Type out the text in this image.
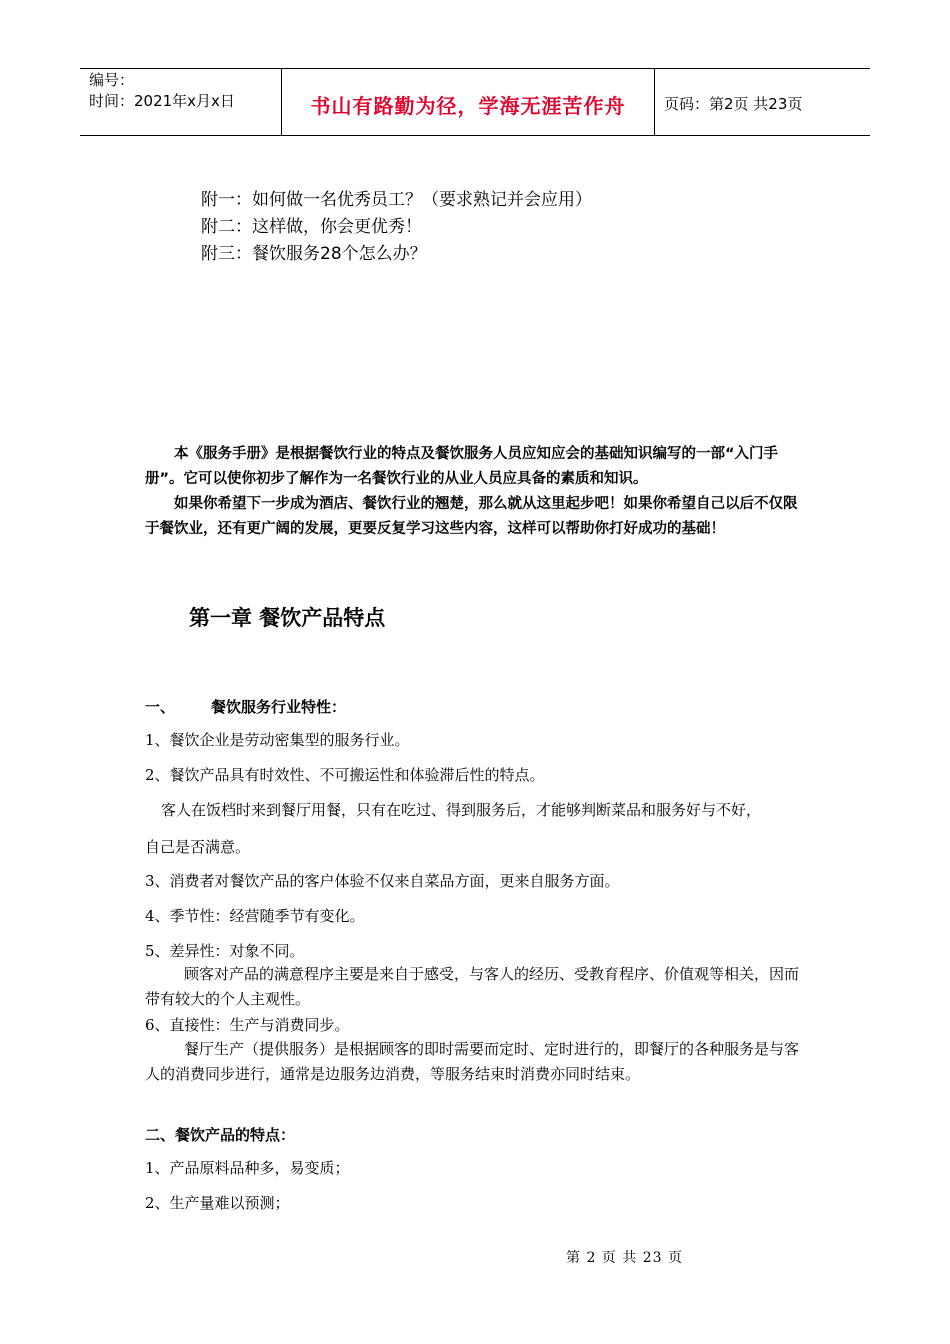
编号：
时间：2021年x月x日	书山有路勤为径，学海无涯苦作舟	页码：第2页 共23页
附一：如何做一名优秀员工？（要求熟记并会应用）
附二：这样做，你会更优秀！
附三：餐饮服务28个怎么办？

本《服务手册》是根据餐饮行业的特点及餐饮服务人员应知应会的基础知识编写的一部“入门手册”。它可以使你初步了解作为一名餐饮行业的从业人员应具备的素质和知识。

如果你希望下一步成为酒店、餐饮行业的翘楚，那么就从这里起步吧！如果你希望自己以后不仅限于餐饮业，还有更广阔的发展，更要反复学习这些内容，这样可以帮助你打好成功的基础！

第一章 餐饮产品特点
一、 餐饮服务行业特性：
1、餐饮企业是劳动密集型的服务行业。
2、餐饮产品具有时效性、不可搬运性和体验滞后性的特点。
客人在饭档时来到餐厅用餐，只有在吃过、得到服务后，才能够判断菜品和服务好与不好，
自己是否满意。
3、消费者对餐饮产品的客户体验不仅来自菜品方面，更来自服务方面。
4、季节性：经营随季节有变化。
5、差异性：对象不同。

顾客对产品的满意程序主要是来自于感受，与客人的经历、受教育程序、价值观等相关，因而带有较大的个人主观性。

6、直接性：生产与消费同步。

餐厅生产（提供服务）是根据顾客的即时需要而定时、定时进行的，即餐厅的各种服务是与客人的消费同步进行，通常是边服务边消费，等服务结束时消费亦同时结束。

二、餐饮产品的特点：
1、产品原料品种多，易变质；
2、生产量难以预测；
第 2 页 共 23 页
